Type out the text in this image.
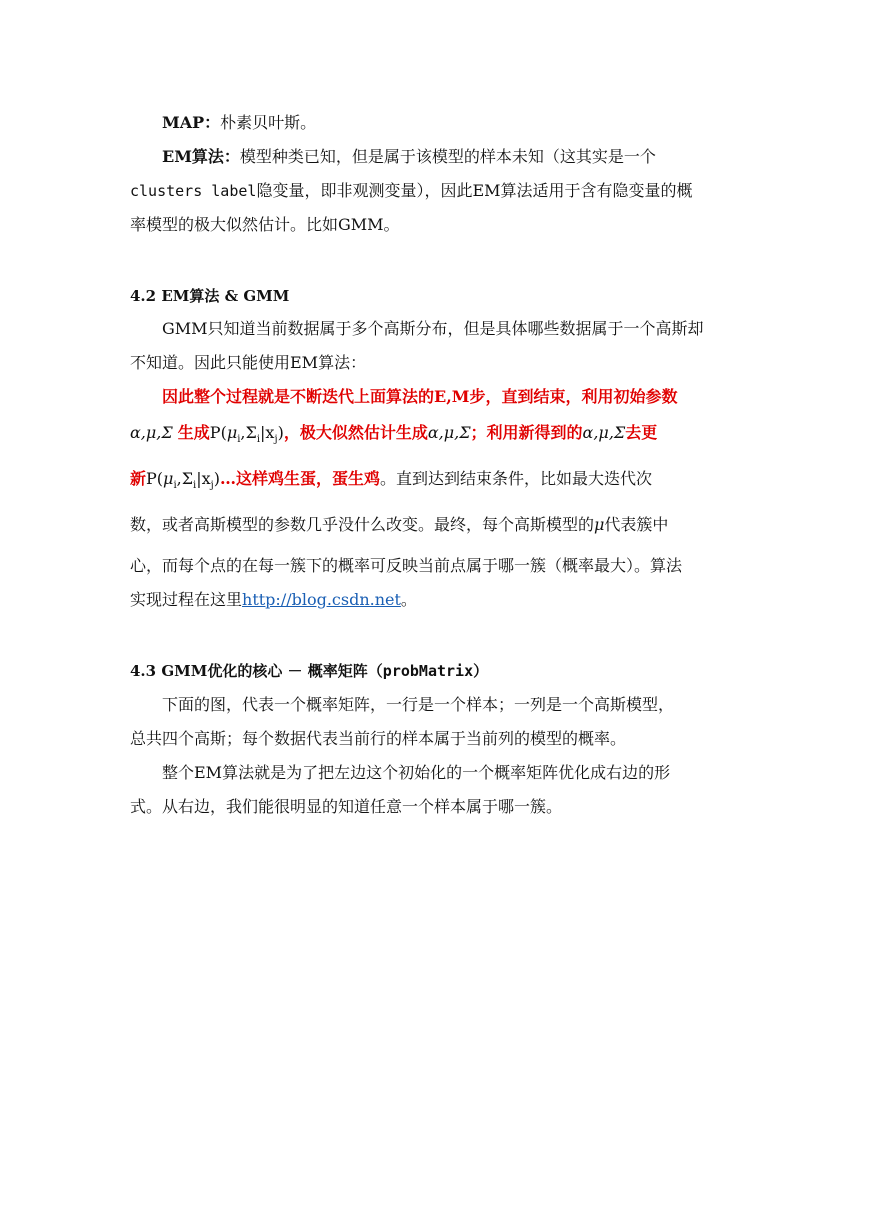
MAP：朴素贝叶斯。

EM算法：模型种类已知，但是属于该模型的样本未知（这其实是一个

clusters label隐变量，即非观测变量），因此EM算法适用于含有隐变量的概

率模型的极大似然估计。比如GMM。

4.2 EM算法 & GMM

GMM只知道当前数据属于多个高斯分布，但是具体哪些数据属于一个高斯却

不知道。因此只能使用EM算法：

因此整个过程就是不断迭代上面算法的E,M步，直到结束，利用初始参数

α,μ,Σ 生成$P(\mu_i,\Sigma_i|x_j)$，极大似然估计生成α,μ,Σ；利用新得到的α,μ,Σ去更

新$P(\mu_i,\Sigma_i|x_j)\dots$这样鸡生蛋，蛋生鸡。直到达到结束条件，比如最大迭代次

数，或者高斯模型的参数几乎没什么改变。最终，每个高斯模型的μ代表簇中

心，而每个点的在每一簇下的概率可反映当前点属于哪一簇（概率最大）。算法

实现过程在这里http://blog.csdn.net。

4.3 GMM优化的核心 － 概率矩阵（probMatrix）

下面的图，代表一个概率矩阵，一行是一个样本；一列是一个高斯模型，

总共四个高斯；每个数据代表当前行的样本属于当前列的模型的概率。

整个EM算法就是为了把左边这个初始化的一个概率矩阵优化成右边的形

式。从右边，我们能很明显的知道任意一个样本属于哪一簇。
